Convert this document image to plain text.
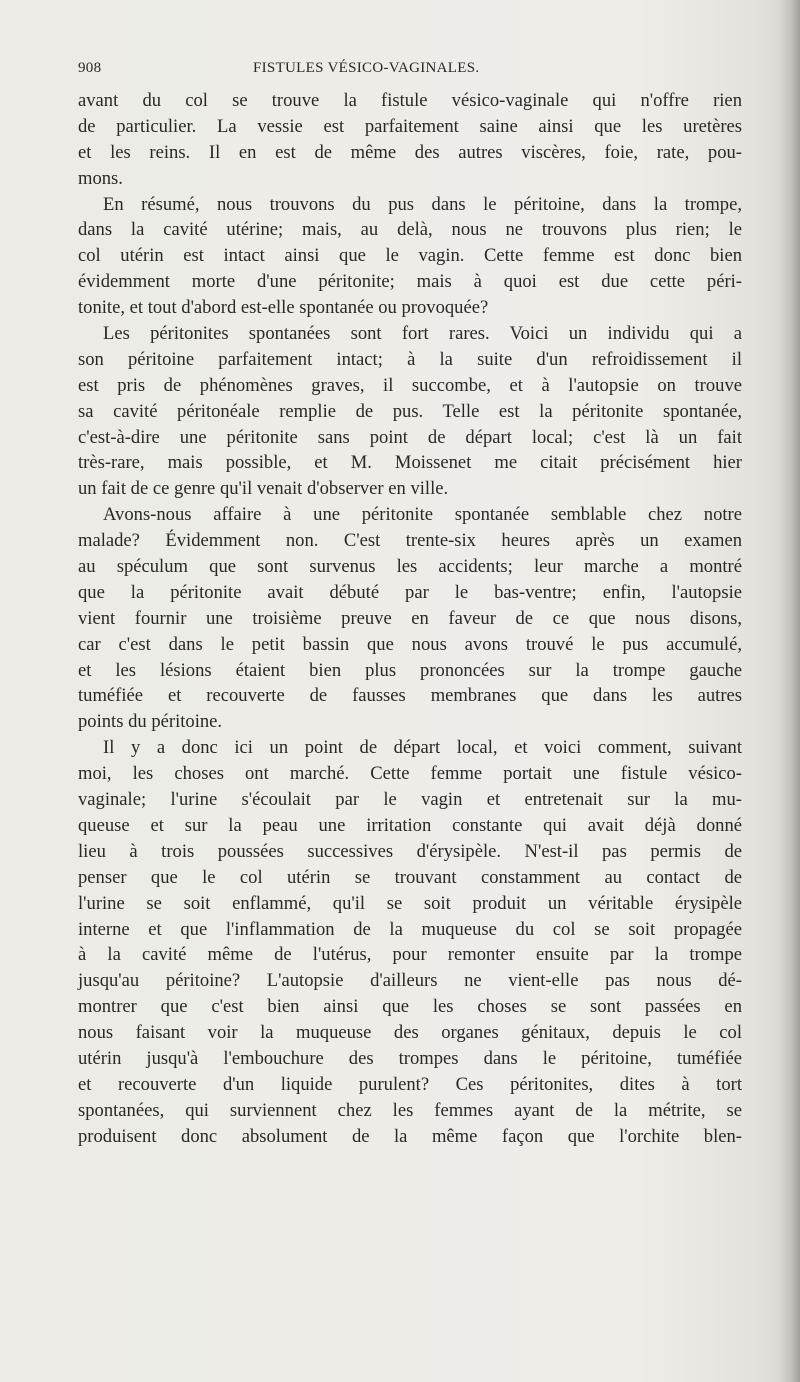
908	FISTULES VÉSICO-VAGINALES.
avant du col se trouve la fistule vésico-vaginale qui n'offre rien
de particulier. La vessie est parfaitement saine ainsi que les uretères
et les reins. Il en est de même des autres viscères, foie, rate, pou-
mons.
En résumé, nous trouvons du pus dans le péritoine, dans la trompe,
dans la cavité utérine; mais, au delà, nous ne trouvons plus rien; le
col utérin est intact ainsi que le vagin. Cette femme est donc bien
évidemment morte d'une péritonite; mais à quoi est due cette péri-
tonite, et tout d'abord est-elle spontanée ou provoquée?
Les péritonites spontanées sont fort rares. Voici un individu qui a
son péritoine parfaitement intact; à la suite d'un refroidissement il
est pris de phénomènes graves, il succombe, et à l'autopsie on trouve
sa cavité péritonéale remplie de pus. Telle est la péritonite spontanée,
c'est-à-dire une péritonite sans point de départ local; c'est là un fait
très-rare, mais possible, et M. Moissenet me citait précisément hier
un fait de ce genre qu'il venait d'observer en ville.
Avons-nous affaire à une péritonite spontanée semblable chez notre
malade? Évidemment non. C'est trente-six heures après un examen
au spéculum que sont survenus les accidents; leur marche a montré
que la péritonite avait débuté par le bas-ventre; enfin, l'autopsie
vient fournir une troisième preuve en faveur de ce que nous disons,
car c'est dans le petit bassin que nous avons trouvé le pus accumulé,
et les lésions étaient bien plus prononcées sur la trompe gauche
tuméfiée et recouverte de fausses membranes que dans les autres
points du péritoine.
Il y a donc ici un point de départ local, et voici comment, suivant
moi, les choses ont marché. Cette femme portait une fistule vésico-
vaginale; l'urine s'écoulait par le vagin et entretenait sur la mu-
queuse et sur la peau une irritation constante qui avait déjà donné
lieu à trois poussées successives d'érysipèle. N'est-il pas permis de
penser que le col utérin se trouvant constamment au contact de
l'urine se soit enflammé, qu'il se soit produit un véritable érysipèle
interne et que l'inflammation de la muqueuse du col se soit propagée
à la cavité même de l'utérus, pour remonter ensuite par la trompe
jusqu'au péritoine? L'autopsie d'ailleurs ne vient-elle pas nous dé-
montrer que c'est bien ainsi que les choses se sont passées en
nous faisant voir la muqueuse des organes génitaux, depuis le col
utérin jusqu'à l'embouchure des trompes dans le péritoine, tuméfiée
et recouverte d'un liquide purulent? Ces péritonites, dites à tort
spontanées, qui surviennent chez les femmes ayant de la métrite, se
produisent donc absolument de la même façon que l'orchite blen-
